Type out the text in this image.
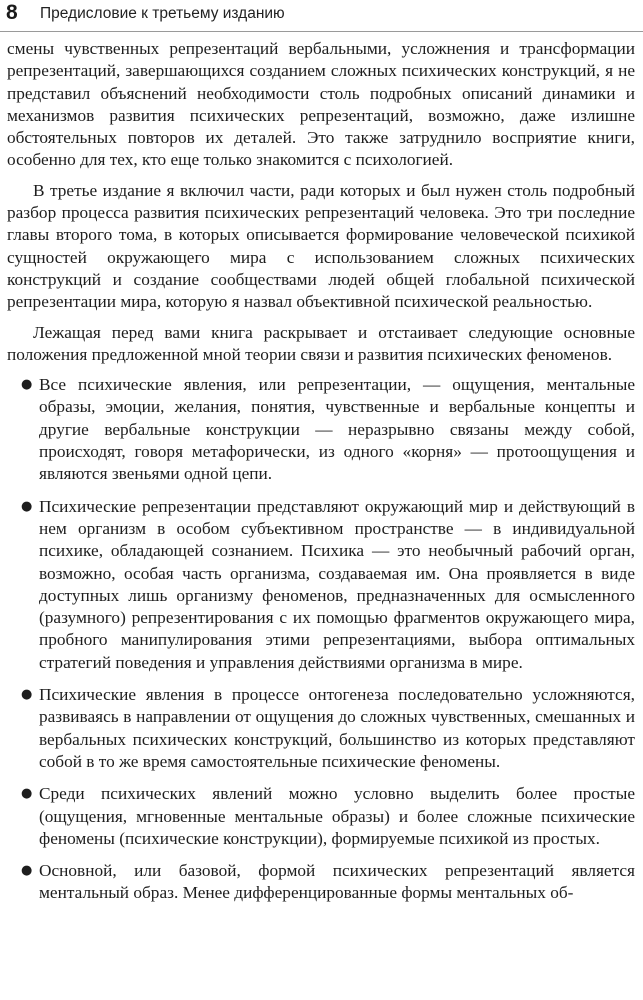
8 Предисловие к третьему изданию

смены чувственных репрезентаций вербальными, усложнения и трансформации репрезентаций, завершающихся созданием сложных психических конструкций, я не представил объяснений необходимости столь подробных описаний динамики и механизмов развития психических репрезентаций, возможно, даже излишне обстоятельных повторов их деталей. Это также затруднило восприятие книги, особенно для тех, кто еще только знакомится с психологией.

В третье издание я включил части, ради которых и был нужен столь подробный разбор процесса развития психических репрезентаций человека. Это три последние главы второго тома, в которых описывается формирование человеческой психикой сущностей окружающего мира с использованием сложных психических конструкций и создание сообществами людей общей глобальной психической репрезентации мира, которую я назвал объективной психической реальностью.

Лежащая перед вами книга раскрывает и отстаивает следующие основные положения предложенной мной теории связи и развития психических феноменов.

● Все психические явления, или репрезентации, — ощущения, ментальные образы, эмоции, желания, понятия, чувственные и вербальные концепты и другие вербальные конструкции — неразрывно связаны между собой, происходят, говоря метафорически, из одного «корня» — протоощущения и являются звеньями одной цепи.
● Психические репрезентации представляют окружающий мир и действующий в нем организм в особом субъективном пространстве — в индивидуальной психике, обладающей сознанием. Психика — это необычный рабочий орган, возможно, особая часть организма, создаваемая им. Она проявляется в виде доступных лишь организму феноменов, предназначенных для осмысленного (разумного) репрезентирования с их помощью фрагментов окружающего мира, пробного манипулирования этими репрезентациями, выбора оптимальных стратегий поведения и управления действиями организма в мире.
● Психические явления в процессе онтогенеза последовательно усложняются, развиваясь в направлении от ощущения до сложных чувственных, смешанных и вербальных психических конструкций, большинство из которых представляют собой в то же время самостоятельные психические феномены.
● Среди психических явлений можно условно выделить более простые (ощущения, мгновенные ментальные образы) и более сложные психические феномены (психические конструкции), формируемые психикой из простых.
● Основной, или базовой, формой психических репрезентаций является ментальный образ. Менее дифференцированные формы ментальных об-
